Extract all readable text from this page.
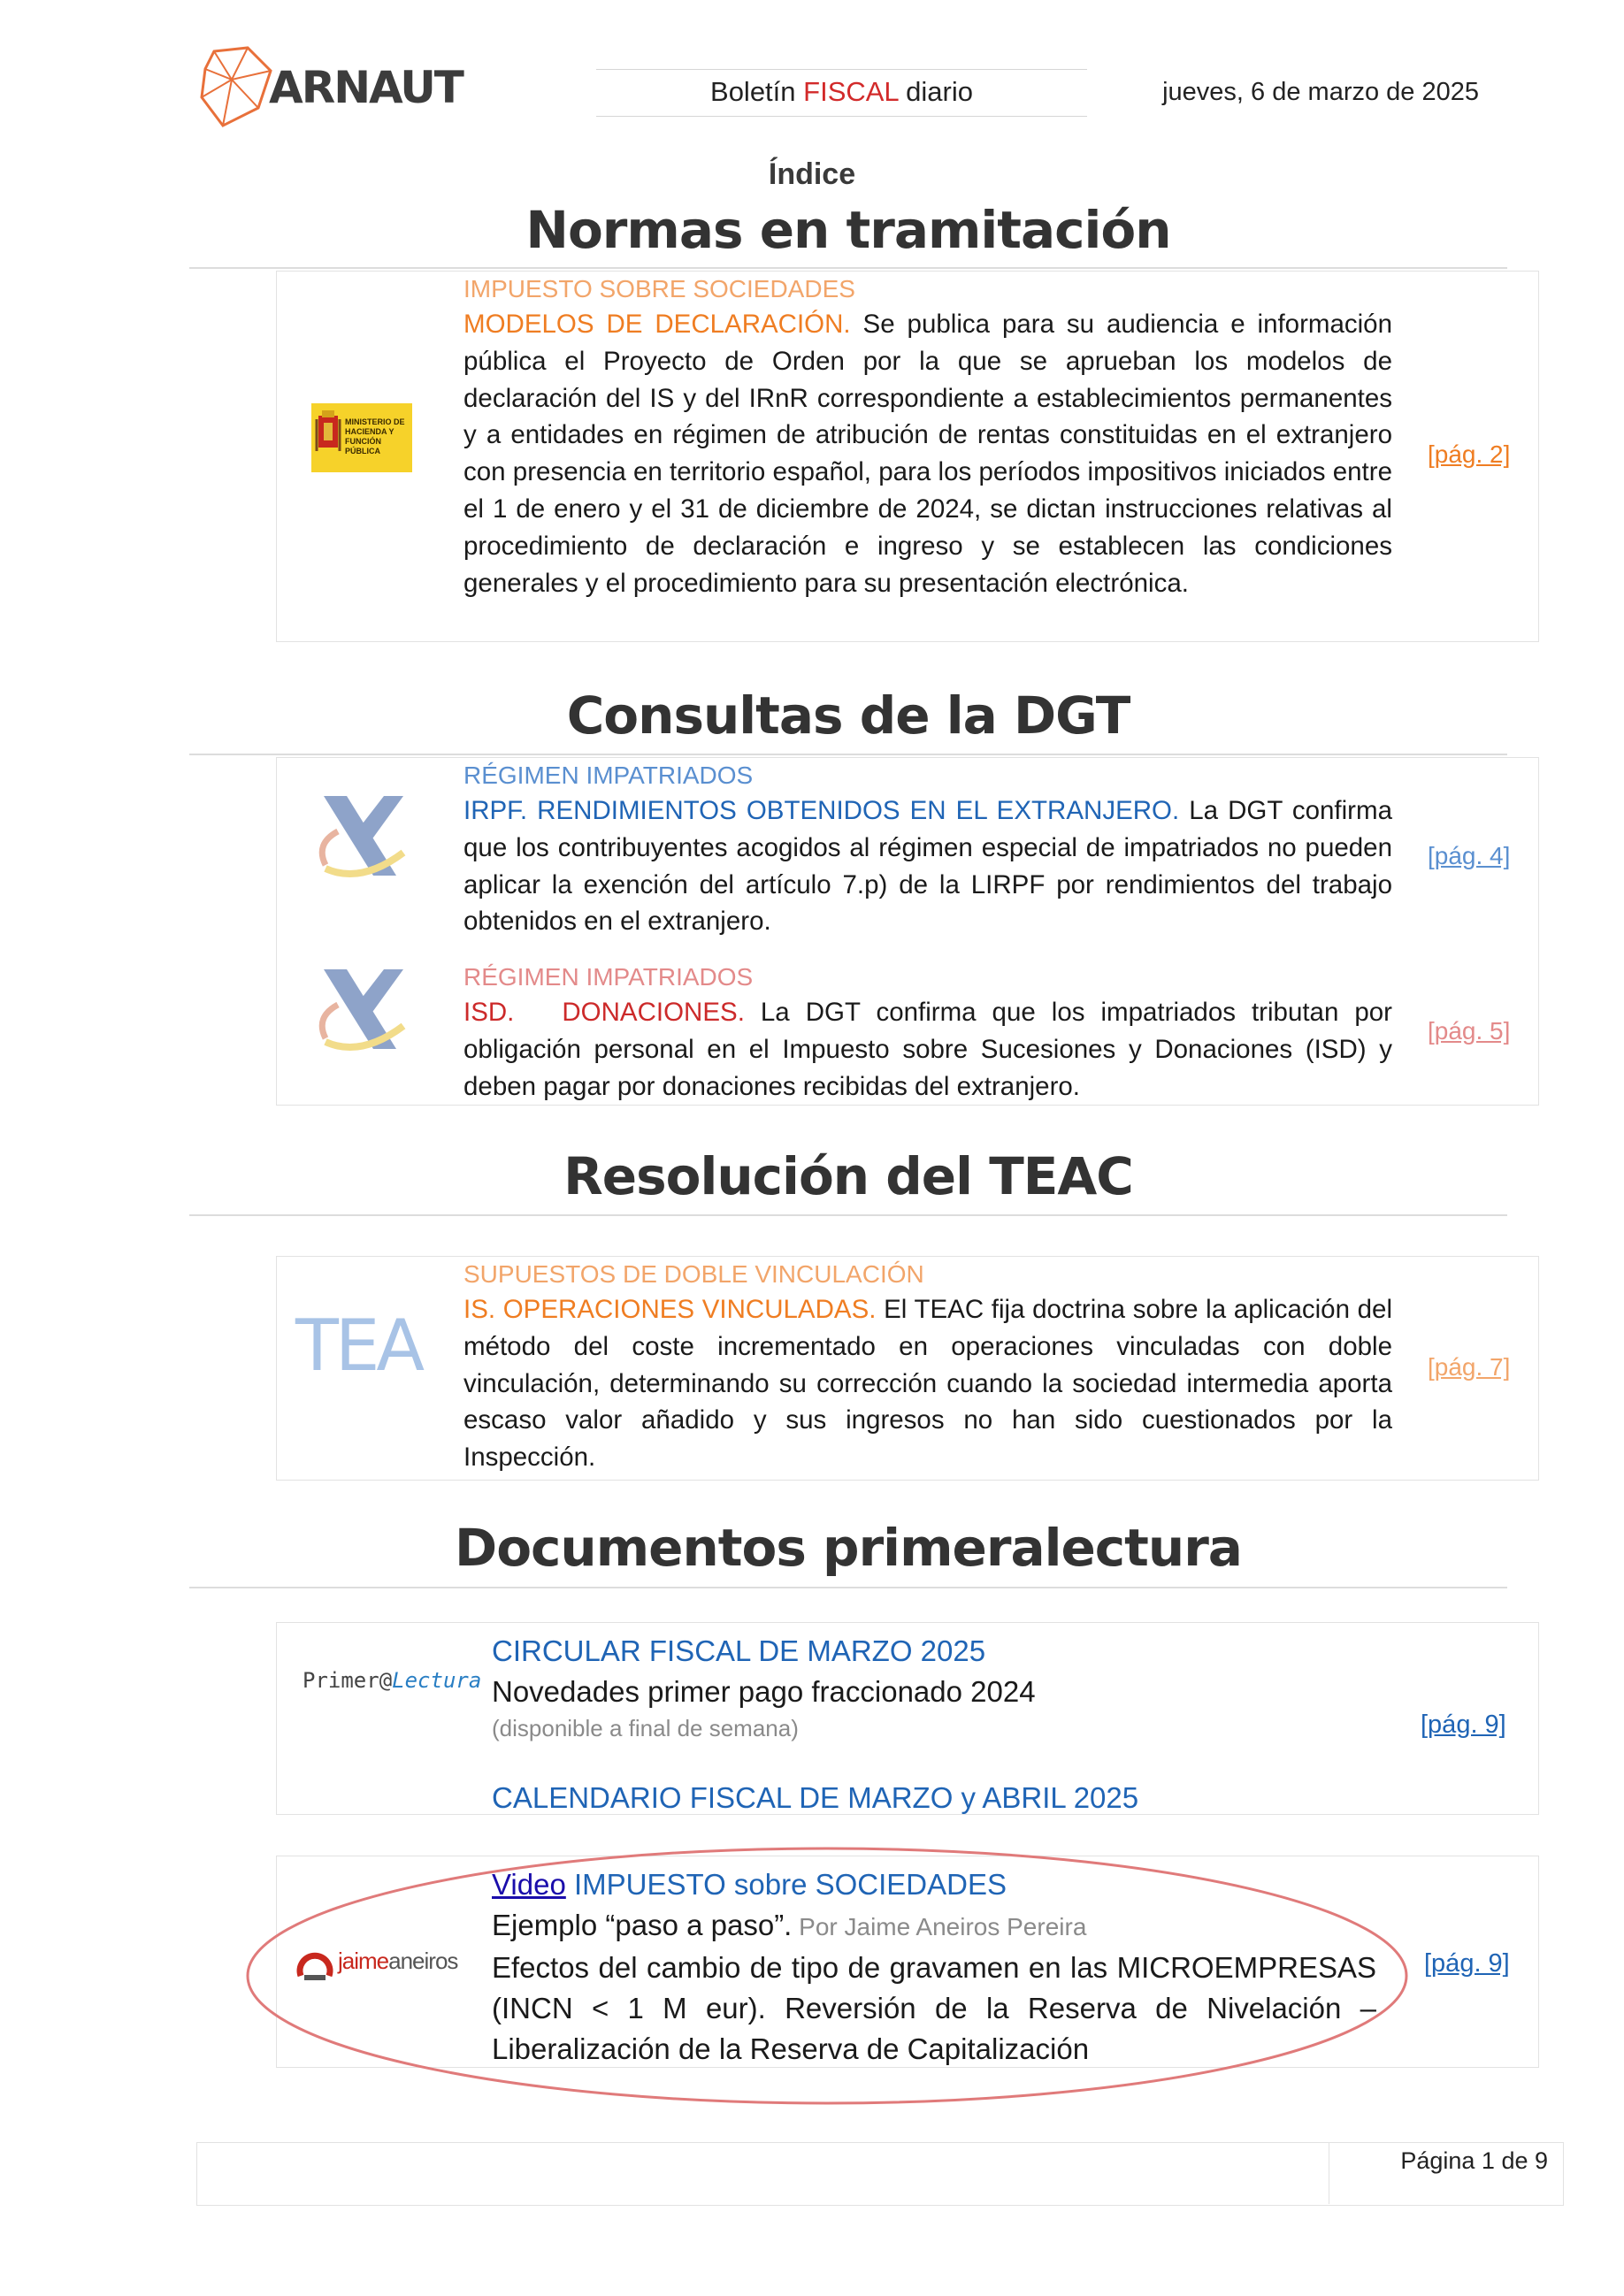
ARNAUT	Boletín FISCAL diario	jueves, 6 de marzo de 2025
Índice
Normas en tramitación
MINISTERIO DE HACIENDA Y FUNCIÓN PÚBLICA
IMPUESTO SOBRE SOCIEDADES
MODELOS DE DECLARACIÓN. Se publica para su audiencia e información pública el Proyecto de Orden por la que se aprueban los modelos de declaración del IS y del IRnR correspondiente a establecimientos permanentes y a entidades en régimen de atribución de rentas constituidas en el extranjero con presencia en territorio español, para los períodos impositivos iniciados entre el 1 de enero y el 31 de diciembre de 2024, se dictan instrucciones relativas al procedimiento de declaración e ingreso y se establecen las condiciones generales y el procedimiento para su presentación electrónica.
[pág. 2]
Consultas de la DGT
RÉGIMEN IMPATRIADOS
IRPF. RENDIMIENTOS OBTENIDOS EN EL EXTRANJERO. La DGT confirma que los contribuyentes acogidos al régimen especial de impatriados no pueden aplicar la exención del artículo 7.p) de la LIRPF por rendimientos del trabajo obtenidos en el extranjero.
[pág. 4]
RÉGIMEN IMPATRIADOS
ISD. DONACIONES. La DGT confirma que los impatriados tributan por obligación personal en el Impuesto sobre Sucesiones y Donaciones (ISD) y deben pagar por donaciones recibidas del extranjero.
[pág. 5]
Resolución del TEAC
TEA
SUPUESTOS DE DOBLE VINCULACIÓN
IS. OPERACIONES VINCULADAS. El TEAC fija doctrina sobre la aplicación del método del coste incrementado en operaciones vinculadas con doble vinculación, determinando su corrección cuando la sociedad intermedia aporta escaso valor añadido y sus ingresos no han sido cuestionados por la Inspección.
[pág. 7]
Documentos primeralectura
Primer@Lectura
CIRCULAR FISCAL DE MARZO 2025
Novedades primer pago fraccionado 2024
(disponible a final de semana)
CALENDARIO FISCAL DE MARZO y ABRIL 2025
[pág. 9]
jaimeaneiros
Video IMPUESTO sobre SOCIEDADES
Ejemplo “paso a paso”. Por Jaime Aneiros Pereira
Efectos del cambio de tipo de gravamen en las MICROEMPRESAS (INCN < 1 M eur). Reversión de la Reserva de Nivelación – Liberalización de la Reserva de Capitalización
[pág. 9]
Página 1 de 9
